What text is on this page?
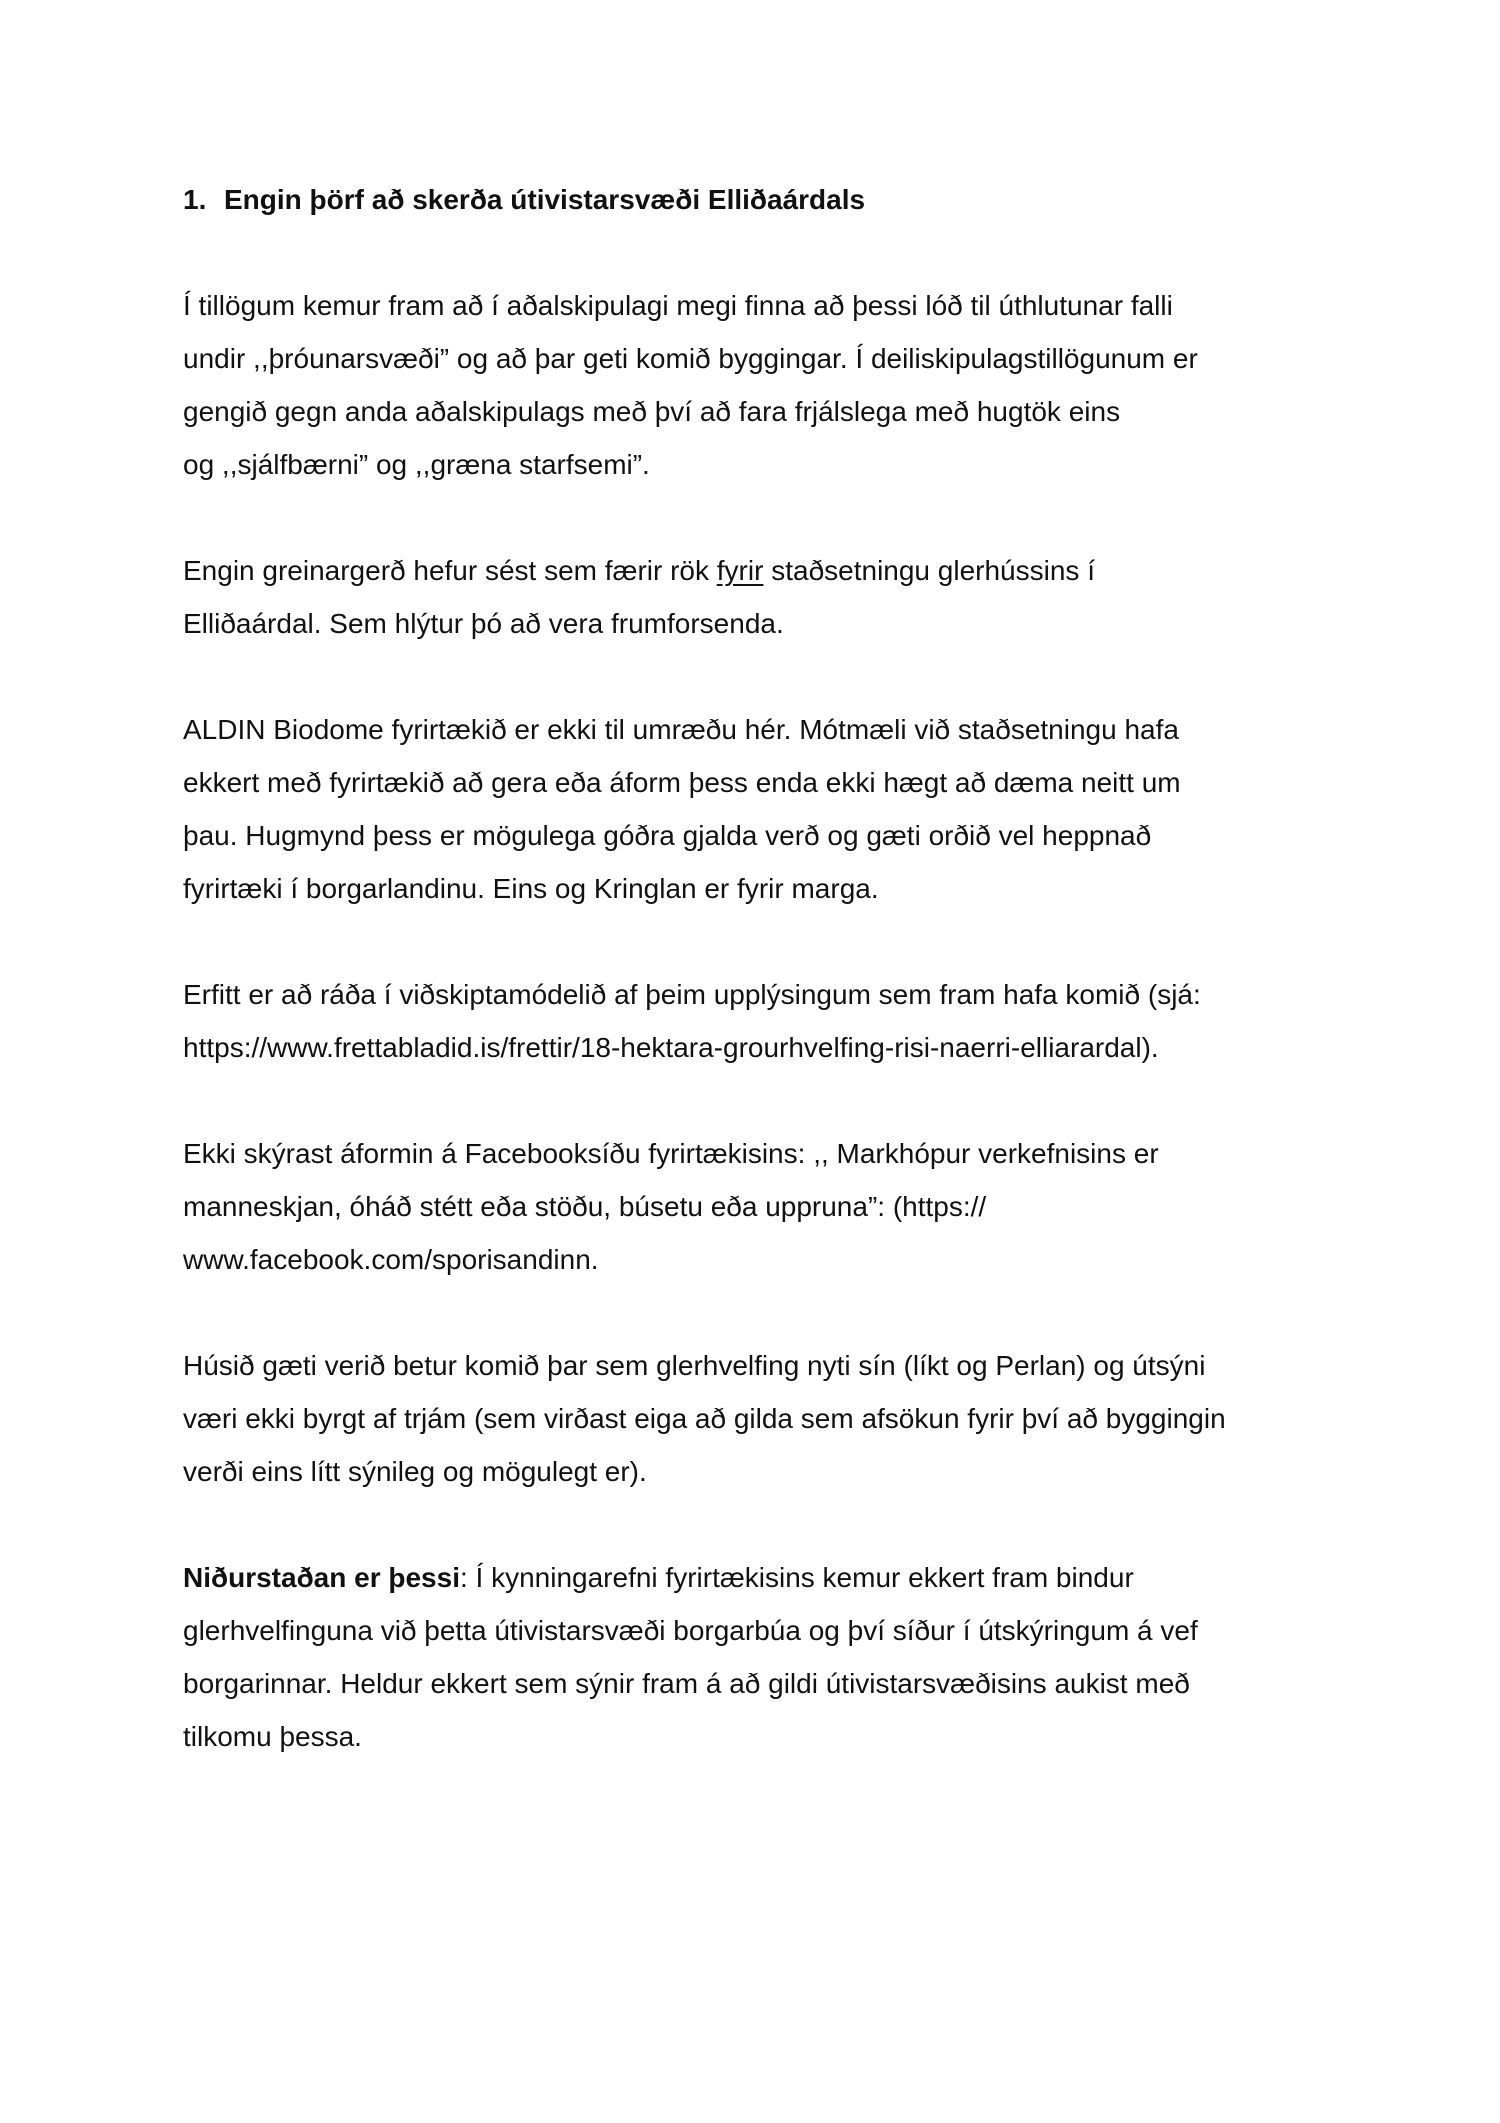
1. Engin þörf að skerða útivistarsvæði Elliðaárdals
Í tillögum kemur fram að í aðalskipulagi megi finna að þessi lóð til úthlutunar falli
undir ,,þróunarsvæði” og að þar geti komið byggingar. Í deiliskipulagstillögunum er
gengið gegn anda aðalskipulags með því að fara frjálslega með hugtök eins
og ,,sjálfbærni” og ,,græna starfsemi”.
Engin greinargerð hefur sést sem færir rök fyrir staðsetningu glerhússins í
Elliðaárdal. Sem hlýtur þó að vera frumforsenda.
ALDIN Biodome fyrirtækið er ekki til umræðu hér. Mótmæli við staðsetningu hafa
ekkert með fyrirtækið að gera eða áform þess enda ekki hægt að dæma neitt um
þau. Hugmynd þess er mögulega góðra gjalda verð og gæti orðið vel heppnað
fyrirtæki í borgarlandinu. Eins og Kringlan er fyrir marga.
Erfitt er að ráða í viðskiptamódelið af þeim upplýsingum sem fram hafa komið (sjá:
https://www.frettabladid.is/frettir/18-hektara-grourhvelfing-risi-naerri-elliarardal).
Ekki skýrast áformin á Facebooksíðu fyrirtækisins: ,, Markhópur verkefnisins er
manneskjan, óháð stétt eða stöðu, búsetu eða uppruna”: (https://
www.facebook.com/sporisandinn.
Húsið gæti verið betur komið þar sem glerhvelfing nyti sín (líkt og Perlan) og útsýni
væri ekki byrgt af trjám (sem virðast eiga að gilda sem afsökun fyrir því að byggingin
verði eins lítt sýnileg og mögulegt er).
Niðurstaðan er þessi: Í kynningarefni fyrirtækisins kemur ekkert fram bindur
glerhvelfinguna við þetta útivistarsvæði borgarbúa og því síður í útskýringum á vef
borgarinnar. Heldur ekkert sem sýnir fram á að gildi útivistarsvæðisins aukist með
tilkomu þessa.
